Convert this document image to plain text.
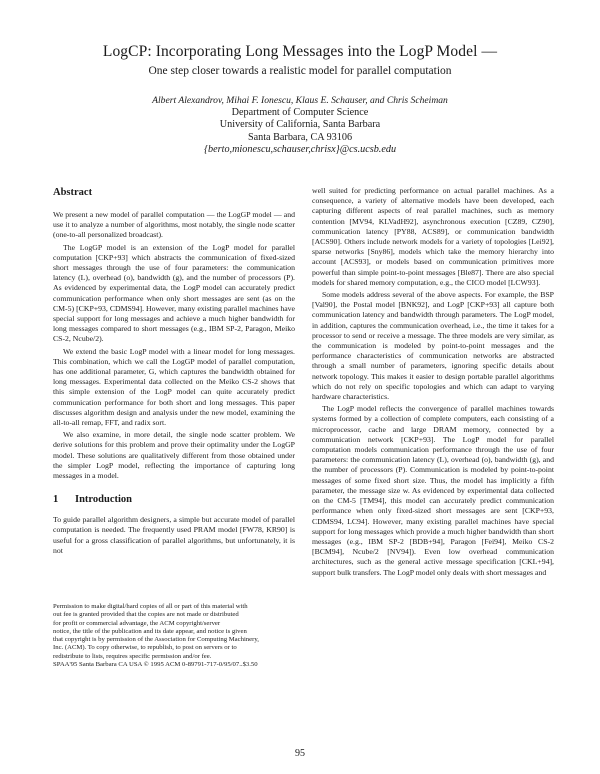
LogCP: Incorporating Long Messages into the LogP Model —
One step closer towards a realistic model for parallel computation
Albert Alexandrov, Mihai F. Ionescu, Klaus E. Schauser, and Chris Scheiman
Department of Computer Science
University of California, Santa Barbara
Santa Barbara, CA 93106
{berto,mionescu,schauser,chrisx}@cs.ucsb.edu
Abstract

We present a new model of parallel computation — the LogGP model — and use it to analyze a number of algorithms, most notably, the single node scatter (one-to-all personalized broadcast).

The LogGP model is an extension of the LogP model for parallel computation [CKP+93] which abstracts the communication of fixed-sized short messages through the use of four parameters: the communication latency (L), overhead (o), bandwidth (g), and the number of processors (P). As evidenced by experimental data, the LogP model can accurately predict communication performance when only short messages are sent (as on the CM-5) [CKP+93, CDMS94]. However, many existing parallel machines have special support for long messages and achieve a much higher bandwidth for long messages compared to short messages (e.g., IBM SP-2, Paragon, Meiko CS-2, Ncube/2).

We extend the basic LogP model with a linear model for long messages. This combination, which we call the LogGP model of parallel computation, has one additional parameter, G, which captures the bandwidth obtained for long messages. Experimental data collected on the Meiko CS-2 shows that this simple extension of the LogP model can quite accurately predict communication performance for both short and long messages. This paper discusses algorithm design and analysis under the new model, examining the all-to-all remap, FFT, and radix sort.

We also examine, in more detail, the single node scatter problem. We derive solutions for this problem and prove their optimality under the LogGP model. These solutions are qualitatively different from those obtained under the simpler LogP model, reflecting the importance of capturing long messages in a model.

1 Introduction

To guide parallel algorithm designers, a simple but accurate model of parallel computation is needed. The frequently used PRAM model [FW78, KR90] is useful for a gross classification of parallel algorithms, but unfortunately, it is not

Permission to make digital/hard copies of all or part of this material with
out fee is granted provided that the copies are not made or distributed
for profit or commercial advantage, the ACM copyright/server
notice, the title of the publication and its date appear, and notice is given
that copyright is by permission of the Association for Computing Machinery,
Inc. (ACM). To copy otherwise, to republish, to post on servers or to
redistribute to lists, requires specific permission and/or fee.
SPAA'95 Santa Barbara CA USA © 1995 ACM 0-89791-717-0/95/07..$3.50

well suited for predicting performance on actual parallel machines. As a consequence, a variety of alternative models have been developed, each capturing different aspects of real parallel machines, such as memory contention [MV94, KLVadH92], asynchronous execution [CZ89, CZ90], communication latency [PY88, ACS89], or communication bandwidth [ACS90]. Others include network models for a variety of topologies [Lei92], sparse networks [Sny86], models which take the memory hierarchy into account [ACS93], or models based on communication primitives more powerful than simple point-to-point messages [Ble87]. There are also special models for shared memory computation, e.g., the CICO model [LCW93].

Some models address several of the above aspects. For example, the BSP [Val90], the Postal model [BNK92], and LogP [CKP+93] all capture both communication latency and bandwidth through parameters. The LogP model, in addition, captures the communication overhead, i.e., the time it takes for a processor to send or receive a message. The three models are very similar, as the communication is modeled by point-to-point messages and the performance characteristics of communication networks are abstracted through a small number of parameters, ignoring specific details about network topology. This makes it easier to design portable parallel algorithms which do not rely on specific topologies and which can adapt to varying hardware characteristics.

The LogP model reflects the convergence of parallel machines towards systems formed by a collection of complete computers, each consisting of a microprocessor, cache and large DRAM memory, connected by a communication network [CKP+93]. The LogP model for parallel computation models communication performance through the use of four parameters: the communication latency (L), overhead (o), bandwidth (g), and the number of processors (P). Communication is modeled by point-to-point messages of some fixed short size. Thus, the model has implicitly a fifth parameter, the message size w. As evidenced by experimental data collected on the CM-5 [TM94], this model can accurately predict communication performance when only fixed-sized short messages are sent [CKP+93, CDMS94, LC94]. However, many existing parallel machines have special support for long messages which provide a much higher bandwidth than short messages (e.g., IBM SP-2 [BDB+94], Paragon [Fei94], Meiko CS-2 [BCM94], Ncube/2 [NV94]). Even low overhead communication architectures, such as the general active message specification [CKL+94], support bulk transfers. The LogP model only deals with short messages and

95
